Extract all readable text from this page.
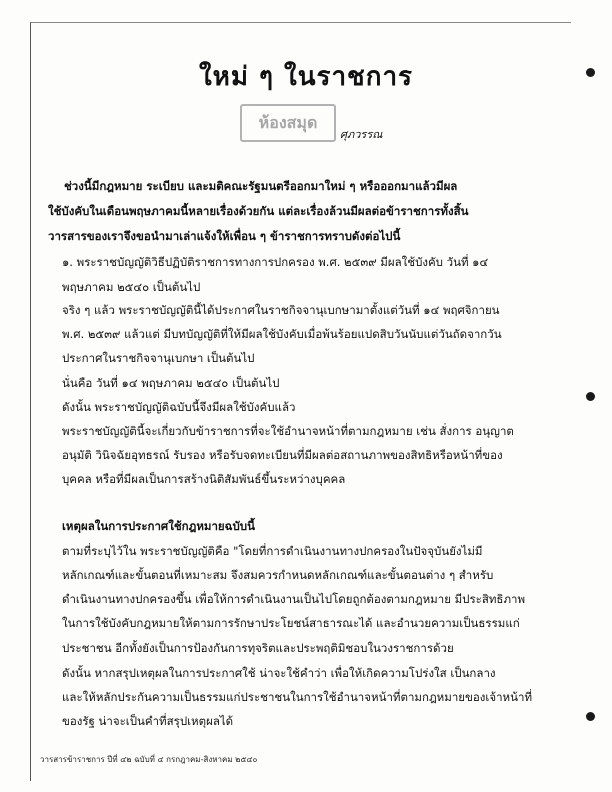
ห้องสมุด
ใหม่ ๆ ในราชการ

ศุภวรรณ

ช่วงนี้มีกฎหมาย ระเบียบ และมติคณะรัฐมนตรีออกมาใหม่ ๆ หรือออกมาแล้วมีผล

ใช้บังคับในเดือนพฤษภาคมนี้หลายเรื่องด้วยกัน แต่ละเรื่องล้วนมีผลต่อข้าราชการทั้งสิ้น

วารสารของเราจึงขอนำมาเล่าแจ้งให้เพื่อน ๆ ข้าราชการทราบดังต่อไปนี้

๑. พระราชบัญญัติวิธีปฏิบัติราชการทางการปกครอง พ.ศ. ๒๕๓๙ มีผลใช้บังคับ วันที่ ๑๔

พฤษภาคม ๒๕๔๐ เป็นต้นไป

จริง ๆ แล้ว พระราชบัญญัตินี้ได้ประกาศในราชกิจจานุเบกษามาตั้งแต่วันที่ ๑๔ พฤศจิกายน

พ.ศ. ๒๕๓๙ แล้วแต่ มีบทบัญญัติที่ให้มีผลใช้บังคับเมื่อพ้นร้อยแปดสิบวันนับแต่วันถัดจากวัน

ประกาศในราชกิจจานุเบกษา เป็นต้นไป

นั่นคือ วันที่ ๑๔ พฤษภาคม ๒๕๔๐ เป็นต้นไป

ดังนั้น พระราชบัญญัติฉบับนี้จึงมีผลใช้บังคับแล้ว

พระราชบัญญัตินี้จะเกี่ยวกับข้าราชการที่จะใช้อำนาจหน้าที่ตามกฎหมาย เช่น สั่งการ อนุญาต

อนุมัติ วินิจฉัยอุทธรณ์ รับรอง หรือรับจดทะเบียนที่มีผลต่อสถานภาพของสิทธิหรือหน้าที่ของ

บุคคล หรือที่มีผลเป็นการสร้างนิติสัมพันธ์ขึ้นระหว่างบุคคล

เหตุผลในการประกาศใช้กฎหมายฉบับนี้

ตามที่ระบุไว้ใน พระราชบัญญัติคือ "โดยที่การดำเนินงานทางปกครองในปัจจุบันยังไม่มี

หลักเกณฑ์และขั้นตอนที่เหมาะสม จึงสมควรกำหนดหลักเกณฑ์และขั้นตอนต่าง ๆ สำหรับ

ดำเนินงานทางปกครองขึ้น เพื่อให้การดำเนินงานเป็นไปโดยถูกต้องตามกฎหมาย มีประสิทธิภาพ

ในการใช้บังคับกฎหมายให้ตามการรักษาประโยชน์สาธารณะได้ และอำนวยความเป็นธรรมแก่

ประชาชน อีกทั้งยังเป็นการป้องกันการทุจริตและประพฤติมิชอบในวงราชการด้วย

ดังนั้น หากสรุปเหตุผลในการประกาศใช้ น่าจะใช้คำว่า เพื่อให้เกิดความโปร่งใส เป็นกลาง

และให้หลักประกันความเป็นธรรมแก่ประชาชนในการใช้อำนาจหน้าที่ตามกฎหมายของเจ้าหน้าที่

ของรัฐ น่าจะเป็นคำที่สรุปเหตุผลได้

วารสารข้าราชการ ปีที่ ๔๒ ฉบับที่ ๔ กรกฎาคม-สิงหาคม ๒๕๔๐
